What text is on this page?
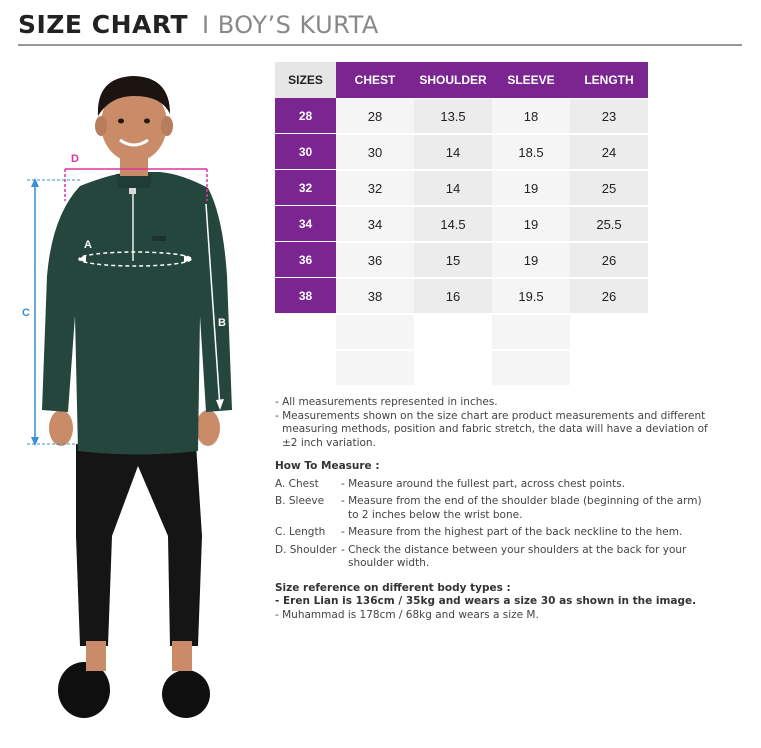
SIZE CHART I BOY’S KURTA
D
A
B
C
SIZES	CHEST	SHOULDER	SLEEVE	LENGTH
28	28	13.5	18	23
30	30	14	18.5	24
32	32	14	19	25
34	34	14.5	19	25.5
36	36	15	19	26
38	38	16	19.5	26

- All measurements represented in inches.

- Measurements shown on the size chart are product measurements and different

measuring methods, position and fabric stretch, the data will have a deviation of

±2 inch variation.

How To Measure :

A. Chest	- Measure around the fullest part, across chest points.

B. Sleeve	- Measure from the end of the shoulder blade (beginning of the arm)

to 2 inches below the wrist bone.

C. Length	- Measure from the highest part of the back neckline to the hem.

D. Shoulder - Check the distance between your shoulders at the back for your

shoulder width.

Size reference on different body types :

- Eren Lian is 136cm / 35kg and wears a size 30 as shown in the image.

- Muhammad is 178cm / 68kg and wears a size M.
